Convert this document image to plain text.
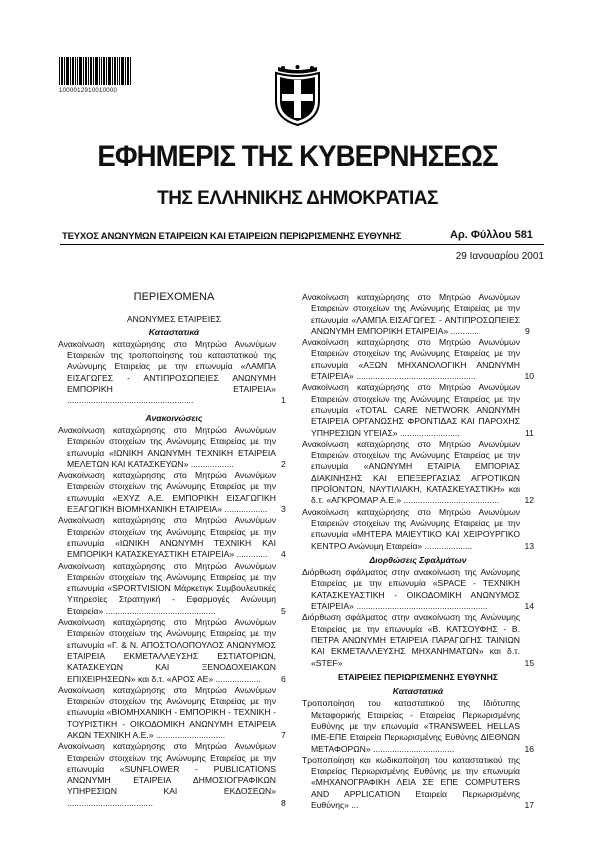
1000012910010000
ΕΦΗΜΕΡΙΣ ΤΗΣ ΚΥΒΕΡΝΗΣΕΩΣ
ΤΗΣ ΕΛΛΗΝΙΚΗΣ ΔΗΜΟΚΡΑΤΙΑΣ
ΤΕΥΧΟΣ ΑΝΩΝΥΜΩΝ ΕΤΑΙΡΕΙΩΝ ΚΑΙ ΕΤΑΙΡΕΙΩΝ ΠΕΡΙΩΡΙΣΜΕΝΗΣ ΕΥΘΥΝΗΣ	Αρ. Φύλλου 581
29 Ιανουαρίου 2001
ΠΕΡΙΕΧΟΜΕΝΑ
ΑΝΩΝΥΜΕΣ ΕΤΑΙΡΕΙΕΣ
Καταστατικά
Ανακοίνωση καταχώρησης στο Μητρώο Ανωνύμων Εταιρειών της τροποποίησης του καταστατικού της Ανώνυμης Εταιρείας με την επωνυμία «ΛΑΜΠΑ ΕΙΣΑΓΩΓΕΣ - ΑΝΤΙΠΡΟΣΩΠΕΙΕΣ ΑΝΩΝΥΜΗ ΕΜΠΟΡΙΚΗ ΕΤΑΙΡΕΙΑ» .....................................................	1
Ανακοινώσεις
Ανακοίνωση καταχώρησης στο Μητρώο Ανωνύμων Εταιρειών στοιχείων της Ανώνυμης Εταιρείας με την επωνυμία «ΙΩΝΙΚΗ ΑΝΩΝΥΜΗ ΤΕΧΝΙΚΗ ΕΤΑΙΡΕΙΑ ΜΕΛΕΤΩΝ ΚΑΙ ΚΑΤΑΣΚΕΥΩΝ» ..................	2
Ανακοίνωση καταχώρησης στο Μητρώο Ανωνύμων Εταιρειών στοιχείων της Ανώνυμης Εταιρείας με την επωνυμία «ΕΧΥΖ Α.Ε. ΕΜΠΟΡΙΚΗ ΕΙΣΑΓΩΓΙΚΗ ΕΞΑΓΩΓΙΚΗ ΒΙΟΜΗΧΑΝΙΚΗ ΕΤΑΙΡΕΙΑ» .................. 3
Ανακοίνωση καταχώρησης στο Μητρώο Ανωνύμων Εταιρειών στοιχείων της Ανώνυμης Εταιρείας με την επωνυμία «ΙΩΝΙΚΗ ΑΝΩΝΥΜΗ ΤΕΧΝΙΚΗ ΚΑΙ ΕΜΠΟΡΙΚΗ ΚΑΤΑΣΚΕΥΑΣΤΙΚΗ ΕΤΑΙΡΕΙΑ» ............. 4
Ανακοίνωση καταχώρησης στο Μητρώο Ανωνύμων Εταιρειών στοιχείων της Ανώνυμης Εταιρείας με την επωνυμία «SPORTVISION Μάρκετιγκ Συμβουλευτικές Υπηρεσίες Στρατηγική - Εφαρμογές Ανώνυμη Εταιρεία» ..............................................	5
Ανακοίνωση καταχώρησης στο Μητρώο Ανωνύμων Εταιρειών στοιχείων της Ανώνυμης Εταιρείας με την επωνυμία «Γ. & Ν. ΑΠΟΣΤΟΛΟΠΟΥΛΟΣ ΑΝΩΝΥΜΟΣ ΕΤΑΙΡΕΙΑ ΕΚΜΕΤΑΛΛΕΥΣΗΣ ΕΣΤΙΑΤΟΡΙΩΝ, ΚΑΤΑΣΚΕΥΩΝ ΚΑΙ ΞΕΝΟΔΟΧΕΙΑΚΩΝ ΕΠΙΧΕΙΡΗΣΕΩΝ» και δ.τ. «ΑΡΟΣ ΑΕ» ................... 6
Ανακοίνωση καταχώρησης στο Μητρώο Ανωνύμων Εταιρειών στοιχείων της Ανώνυμης Εταιρείας με την επωνυμία «ΒΙΟΜΗΧΑΝΙΚΗ - ΕΜΠΟΡΙΚΗ - ΤΕΧΝΙΚΗ - ΤΟΥΡΙΣΤΙΚΗ - ΟΙΚΟΔΟΜΙΚΗ ΑΝΩΝΥΜΗ ΕΤΑΙΡΕΙΑ ΑΚΩΝ ΤΕΧΝΙΚΗ Α.Ε.» .............................	7
Ανακοίνωση καταχώρησης στο Μητρώο Ανωνύμων Εταιρειών στοιχείων της Ανώνυμης Εταιρείας με την επωνυμία «SUNFLOWER - PUBLICATIONS ΑΝΩΝΥΜΗ ΕΤΑΙΡΕΙΑ ΔΗΜΟΣΙΟΓΡΑΦΙΚΩΝ ΥΠΗΡΕΣΙΩΝ ΚΑΙ ΕΚΔΟΣΕΩΝ» ....................................	8
Ανακοίνωση καταχώρησης στο Μητρώο Ανωνύμων Εταιρειών στοιχείων της Ανώνυμης Εταιρείας με την επωνυμία «ΛΑΜΠΑ ΕΙΣΑΓΩΓΕΣ - ΑΝΤΙΠΡΟΣΩΠΕΙΕΣ ΑΝΩΝΥΜΗ ΕΜΠΟΡΙΚΗ ΕΤΑΙΡΕΙΑ» ............	9
Ανακοίνωση καταχώρησης στο Μητρώο Ανωνύμων Εταιρειών στοιχείων της Ανώνυμης Εταιρείας με την επωνυμία «ΑΞΩΝ ΜΗΧΑΝΟΛΟΓΙΚΗ ΑΝΩΝΥΜΗ ΕΤΑΙΡΕΙΑ» ..................................................	10
Ανακοίνωση καταχώρησης στο Μητρώο Ανωνύμων Εταιρειών στοιχείων της Ανώνυμης Εταιρείας με την επωνυμία «TOTAL CARE NETWORK ΑΝΩΝΥΜΗ ΕΤΑΙΡΕΙΑ ΟΡΓΑΝΩΣΗΣ ΦΡΟΝΤΙΔΑΣ ΚΑΙ ΠΑΡΟΧΗΣ ΥΠΗΡΕΣΙΩΝ ΥΓΕΙΑΣ» .........................	11
Ανακοίνωση καταχώρησης στο Μητρώο Ανωνύμων Εταιρειών στοιχείων της Ανώνυμης Εταιρείας με την επωνυμία «ΑΝΩΝΥΜΗ ΕΤΑΙΡΙΑ ΕΜΠΟΡΙΑΣ ΔΙΑΚΙΝΗΣΗΣ ΚΑΙ ΕΠΕΞΕΡΓΑΣΙΑΣ ΑΓΡΟΤΙΚΩΝ ΠΡΟΪΟΝΤΩΝ, ΝΑΥΤΙΛΙΑΚΗ, ΚΑΤΑΣΚΕΥΑΣΤΙΚΗ» και δ.τ. «ΑΓΚΡΟΜΑΡ Α.Ε.» ........................................	12
Ανακοίνωση καταχώρησης στο Μητρώο Ανωνύμων Εταιρειών στοιχείων της Ανώνυμης Εταιρείας με την επωνυμία «ΜΗΤΕΡΑ ΜΑΙΕΥΤΙΚΟ ΚΑΙ ΧΕΙΡΟΥΡΓΙΚΟ ΚΕΝΤΡΟ Ανώνυμη Εταιρεία» ....................	13
Διορθώσεις Σφαλμάτων
Διόρθωση σφάλματος στην ανακοίνωση της Ανώνυμης Εταιρείας με την επωνυμία «SPACE - ΤΕΧΝΙΚΗ ΚΑΤΑΣΚΕΥΑΣΤΙΚΗ - ΟΙΚΟΔΟΜΙΚΗ ΑΝΩΝΥΜΟΣ ΕΤΑΙΡΕΙΑ» .......................................................	14
Διόρθωση σφάλματος στην ανακοίνωση της Ανώνυμης Εταιρείας με την επωνυμία «Β. ΚΑΤΣΟΥΦΗΣ - Β. ΠΕΤΡΑ ΑΝΩΝΥΜΗ ΕΤΑΙΡΕΙΑ ΠΑΡΑΓΩΓΗΣ ΤΑΙΝΙΩΝ ΚΑΙ ΕΚΜΕΤΑΛΛΕΥΣΗΣ ΜΗΧΑΝΗΜΑΤΩΝ» και δ.τ. «STEF»	15
ΕΤΑΙΡΕΙΕΣ ΠΕΡΙΩΡΙΣΜΕΝΗΣ ΕΥΘΥΝΗΣ
Καταστατικά
Τροποποίηση του καταστατικού της Ιδιότυπης Μεταφορικής Εταιρείας - Εταιρείας Περιωρισμένης Ευθύνης με την επωνυμία «TRANSWEEL HELLAS IME-ΕΠΕ Εταιρεία Περιωρισμένης Ευθύνης ΔΙΕΘΝΩΝ ΜΕΤΑΦΟΡΩΝ» ..................................	16
Τροποποίηση και κωδικοποίηση του καταστατικού της Εταιρείας Περιωρισμένης Ευθύνης με την επωνυμία «ΜΗΧΑΝΟΓΡΑΦΙΚΗ ΛΕΙΑ ΣΕ ΕΠΕ COMPUTERS AND APPLICATION Εταιρεία Περιωρισμένης Ευθύνης» ...	17
